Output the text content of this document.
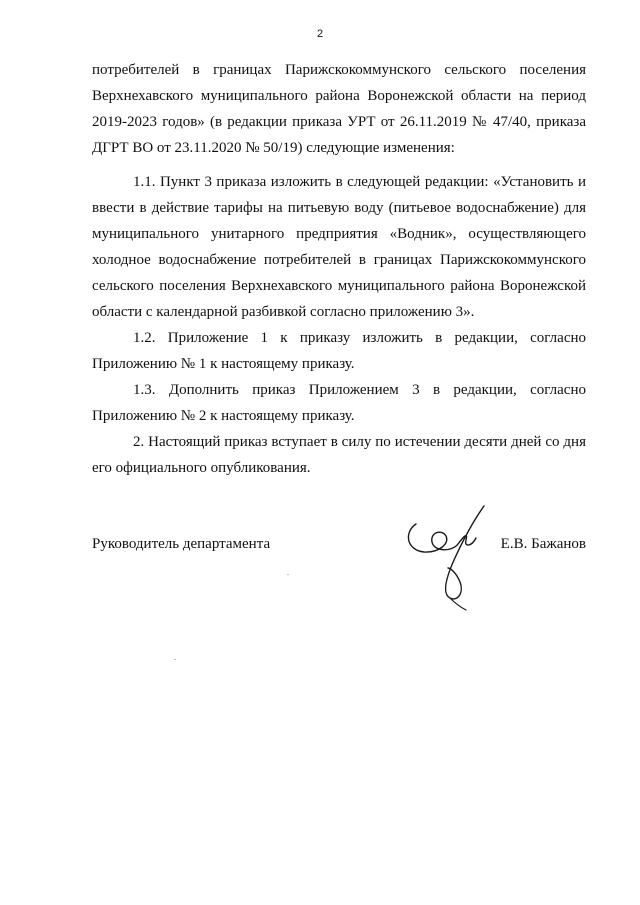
2
потребителей в границах Парижскокоммунского сельского поселения
Верхнехавского муниципального района Воронежской области на период
2019-2023 годов» (в редакции приказа УРТ от 26.11.2019 № 47/40, приказа
ДГРТ ВО от 23.11.2020 № 50/19) следующие изменения:
1.1. Пункт 3 приказа изложить в следующей редакции: «Установить и
ввести в действие тарифы на питьевую воду (питьевое водоснабжение) для
муниципального унитарного предприятия «Водник», осуществляющего
холодное водоснабжение потребителей в границах Парижскокоммунского
сельского поселения Верхнехавского муниципального района Воронежской
области с календарной разбивкой согласно приложению 3».
1.2. Приложение 1 к приказу изложить в редакции, согласно
Приложению № 1 к настоящему приказу.
1.3. Дополнить приказ Приложением 3 в редакции, согласно
Приложению № 2 к настоящему приказу.
2. Настоящий приказ вступает в силу по истечении десяти дней со дня
его официального опубликования.
Руководитель департамента	Е.В. Бажанов
